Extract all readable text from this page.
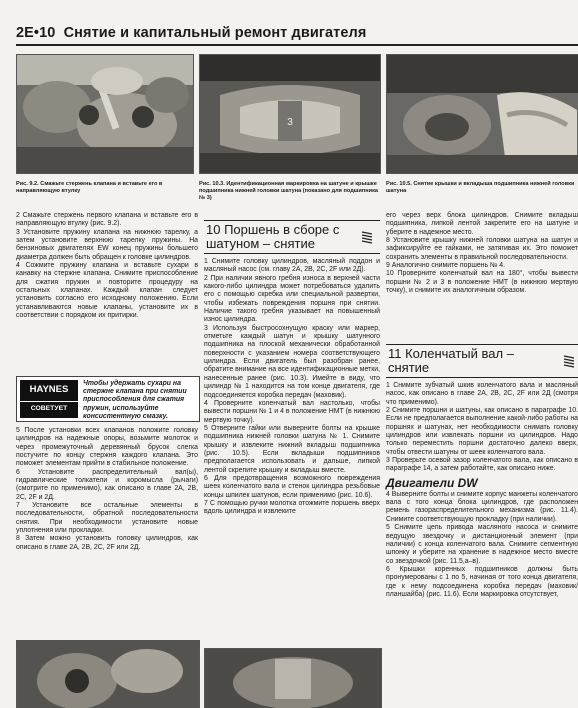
2E•10 Снятие и капитальный ремонт двигателя
Рис. 9.2. Смажьте стержень клапана и вставьте его в направляющую втулку
3
Рис. 10.3. Идентификационная маркировка на шатуне и крышке подшипника нижней головки шатуна (показано для подшипника № 3)
Рис. 10.5. Снятие крышки и вкладыша подшипника нижней головки шатуна

2 Смажьте стержень первого клапана и вставьте его в направляющую втулку (рис. 9.2).

3 Установите пружину клапана на нижнюю тарелку, а затем установите верхнюю тарелку пружины. На бензиновых двигателях EW конец пружины большего диаметра должен быть обращен к головке цилиндров.

4 Сожмите пружину клапана и вставьте сухари в канавку на стержне клапана. Снимите приспособление для сжатия пружин и повторите процедуру на остальных клапанах. Каждый клапан следует установить согласно его исходному положению. Если устанавливаются новые клапаны, установите их в соответствии с порядком их притирки.

HAYNES
СОВЕТУЕТ
Чтобы удержать сухари на стержне клапана при снятии приспособления для сжатия пружин, используйте консистентную смазку.

5 После установки всех клапанов положите головку цилиндров на надежные опоры, возьмите молоток и через промежуточный деревянный брусок слегка постучите по концу стержня каждого клапана. Это поможет элементам прийти в стабильное положение.

6 Установите распределительный вал(ы), гидравлические толкатели и коромысла (рычаги) (смотрите по применимо), как описано в главе 2А, 2В, 2С, 2F и 2Д.

7 Установите все остальные элементы в последовательности, обратной последовательности снятия. При необходимости установите новые уплотнения или прокладки.

8 Затем можно установить головку цилиндров, как описано в главе 2А, 2В, 2С, 2F или 2Д.

10 Поршень в сборе с шатуном – снятие

1 Снимите головку цилиндров, масляный поддон и масляный насос (см. главу 2А, 2В, 2С, 2F или 2Д).

2 При наличии явного гребня износа в верхней части какого-либо цилиндра может потребоваться удалить его с помощью скребка или специальной развертки, чтобы избежать повреждения поршня при снятии. Наличие такого гребня указывает на повышенный износ цилиндра.

3 Используя быстросохнущую краску или маркер, отметьте каждый шатун и крышку шатунного подшипника на плоской механически обработанной поверхности с указанием номера соответствующего цилиндра. Если двигатель был разобран ранее, обратите внимание на все идентификационные метки, нанесенные ранее (рис. 10.3). Имейте в виду, что цилиндр № 1 находится на том конце двигателя, где подсоединяется коробка передач (маховик).

4 Проверните коленчатый вал настолько, чтобы вывести поршни № 1 и 4 в положение НМТ (в нижнюю мертвую точку).

5 Отверните гайки или выверните болты на крышке подшипника нижней головки шатуна № 1. Снимите крышку и извлеките нижний вкладыш подшипника (рис. 10.5). Если вкладыши подшипников предполагается использовать и дальше, липкой лентой скрепите крышку и вкладыш вместе.

6 Для предотвращения возможного повреждения шеек коленчатого вала и стенок цилиндра резьбовые концы шпилек шатунов, если применимо (рис. 10.6).

7 С помощью ручки молотка отожмите поршень вверх вдоль цилиндра и извлеките

его через верх блока цилиндров. Снимите вкладыш подшипника, липкой лентой закрепите его на шатуне и уберите в надежное место.

8 Установите крышку нижней головки шатуна на шатун и зафиксируйте ее гайками, не затягивая их. Это поможет сохранить элементы в правильной последовательности.

9 Аналогично снимите поршень № 4.

10 Проверните коленчатый вал на 180°, чтобы вывести поршни № 2 и 3 в положение НМТ (в нижнюю мертвую точку), и снимите их аналогичным образом.

11 Коленчатый вал – снятие

1 Снимите зубчатый шкив коленчатого вала и масляный насос, как описано в главе 2А, 2В, 2С, 2F или 2Д (смотря что применимо).

2 Снимите поршни и шатуны, как описано в параграфе 10. Если не предполагается выполнение какой-либо работы на поршнях и шатунах, нет необходимости снимать головку цилиндров или извлекать поршни из цилиндров. Надо только переместить поршни достаточно далеко вверх, чтобы отвести шатуны от шеек коленчатого вала.

3 Проверьте осевой зазор коленчатого вала, как описано в параграфе 14, а затем работайте, как описано ниже.

Двигатели DW

4 Выверните болты и снимите корпус манжеты коленчатого вала с того конца блока цилиндров, где расположен ремень газораспределительного механизма (рис. 11.4). Снимите соответствующую прокладку (при наличии).

5 Снимите цепь привода масляного насоса и снимите ведущую звездочку и дистанционный элемент (при наличии) с конца коленчатого вала. Снимите сегментную шпонку и уберите на хранение в надежное место вместе со звездочкой (рис. 11.5,а–в).

6 Крышки коренных подшипников должны быть пронумерованы с 1 по 5, начиная от того конца двигателя, где к нему подсоединена коробка передач (маховик/планшайба) (рис. 11.6). Если маркировка отсутствует,
